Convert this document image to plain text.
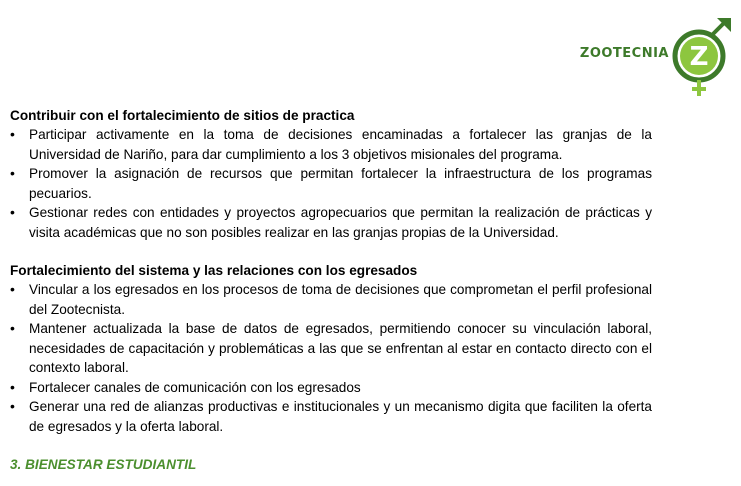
ZOOTECNIA Z

Contribuir con el fortalecimiento de sitios de practica

• Participar activamente en la toma de decisiones encaminadas a fortalecer las granjas de la Universidad de Nariño, para dar cumplimiento a los 3 objetivos misionales del programa.
• Promover la asignación de recursos que permitan fortalecer la infraestructura de los programas pecuarios.
• Gestionar redes con entidades y proyectos agropecuarios que permitan la realización de prácticas y visita académicas que no son posibles realizar en las granjas propias de la Universidad.

Fortalecimiento del sistema y las relaciones con los egresados

• Vincular a los egresados en los procesos de toma de decisiones que comprometan el perfil profesional del Zootecnista.
• Mantener actualizada la base de datos de egresados, permitiendo conocer su vinculación laboral, necesidades de capacitación y problemáticas a las que se enfrentan al estar en contacto directo con el contexto laboral.
• Fortalecer canales de comunicación con los egresados
• Generar una red de alianzas productivas e institucionales y un mecanismo digita que faciliten la oferta de egresados y la oferta laboral.

3. BIENESTAR ESTUDIANTIL
